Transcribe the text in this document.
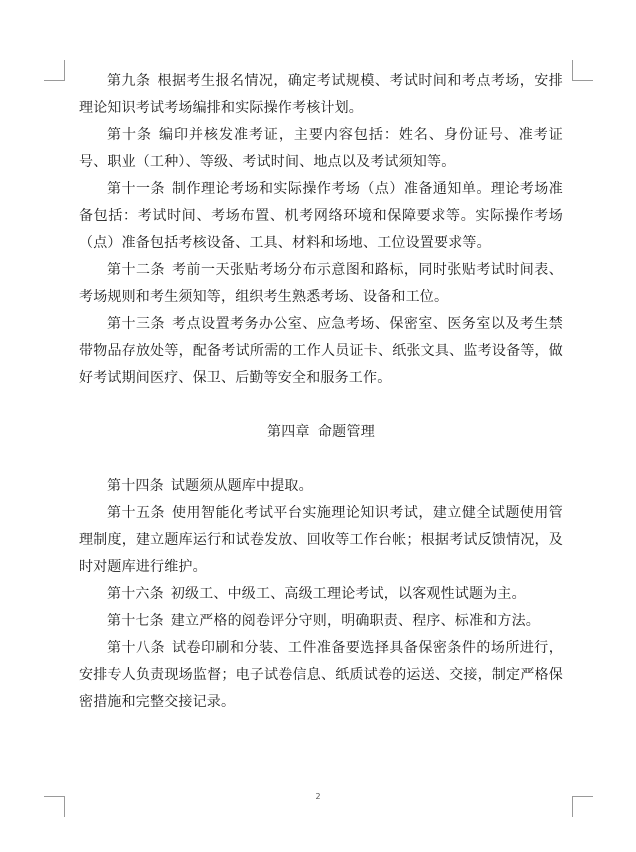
第九条 根据考生报名情况，确定考试规模、考试时间和考点考场，安排理论知识考试考场编排和实际操作考核计划。

第十条 编印并核发准考证，主要内容包括：姓名、身份证号、准考证号、职业（工种）、等级、考试时间、地点以及考试须知等。

第十一条 制作理论考场和实际操作考场（点）准备通知单。理论考场准备包括：考试时间、考场布置、机考网络环境和保障要求等。实际操作考场（点）准备包括考核设备、工具、材料和场地、工位设置要求等。

第十二条 考前一天张贴考场分布示意图和路标，同时张贴考试时间表、考场规则和考生须知等，组织考生熟悉考场、设备和工位。

第十三条 考点设置考务办公室、应急考场、保密室、医务室以及考生禁带物品存放处等，配备考试所需的工作人员证卡、纸张文具、监考设备等，做好考试期间医疗、保卫、后勤等安全和服务工作。

第四章 命题管理

第十四条 试题须从题库中提取。

第十五条 使用智能化考试平台实施理论知识考试，建立健全试题使用管理制度，建立题库运行和试卷发放、回收等工作台帐；根据考试反馈情况，及时对题库进行维护。

第十六条 初级工、中级工、高级工理论考试，以客观性试题为主。

第十七条 建立严格的阅卷评分守则，明确职责、程序、标准和方法。

第十八条 试卷印刷和分装、工件准备要选择具备保密条件的场所进行，安排专人负责现场监督；电子试卷信息、纸质试卷的运送、交接，制定严格保密措施和完整交接记录。

2
